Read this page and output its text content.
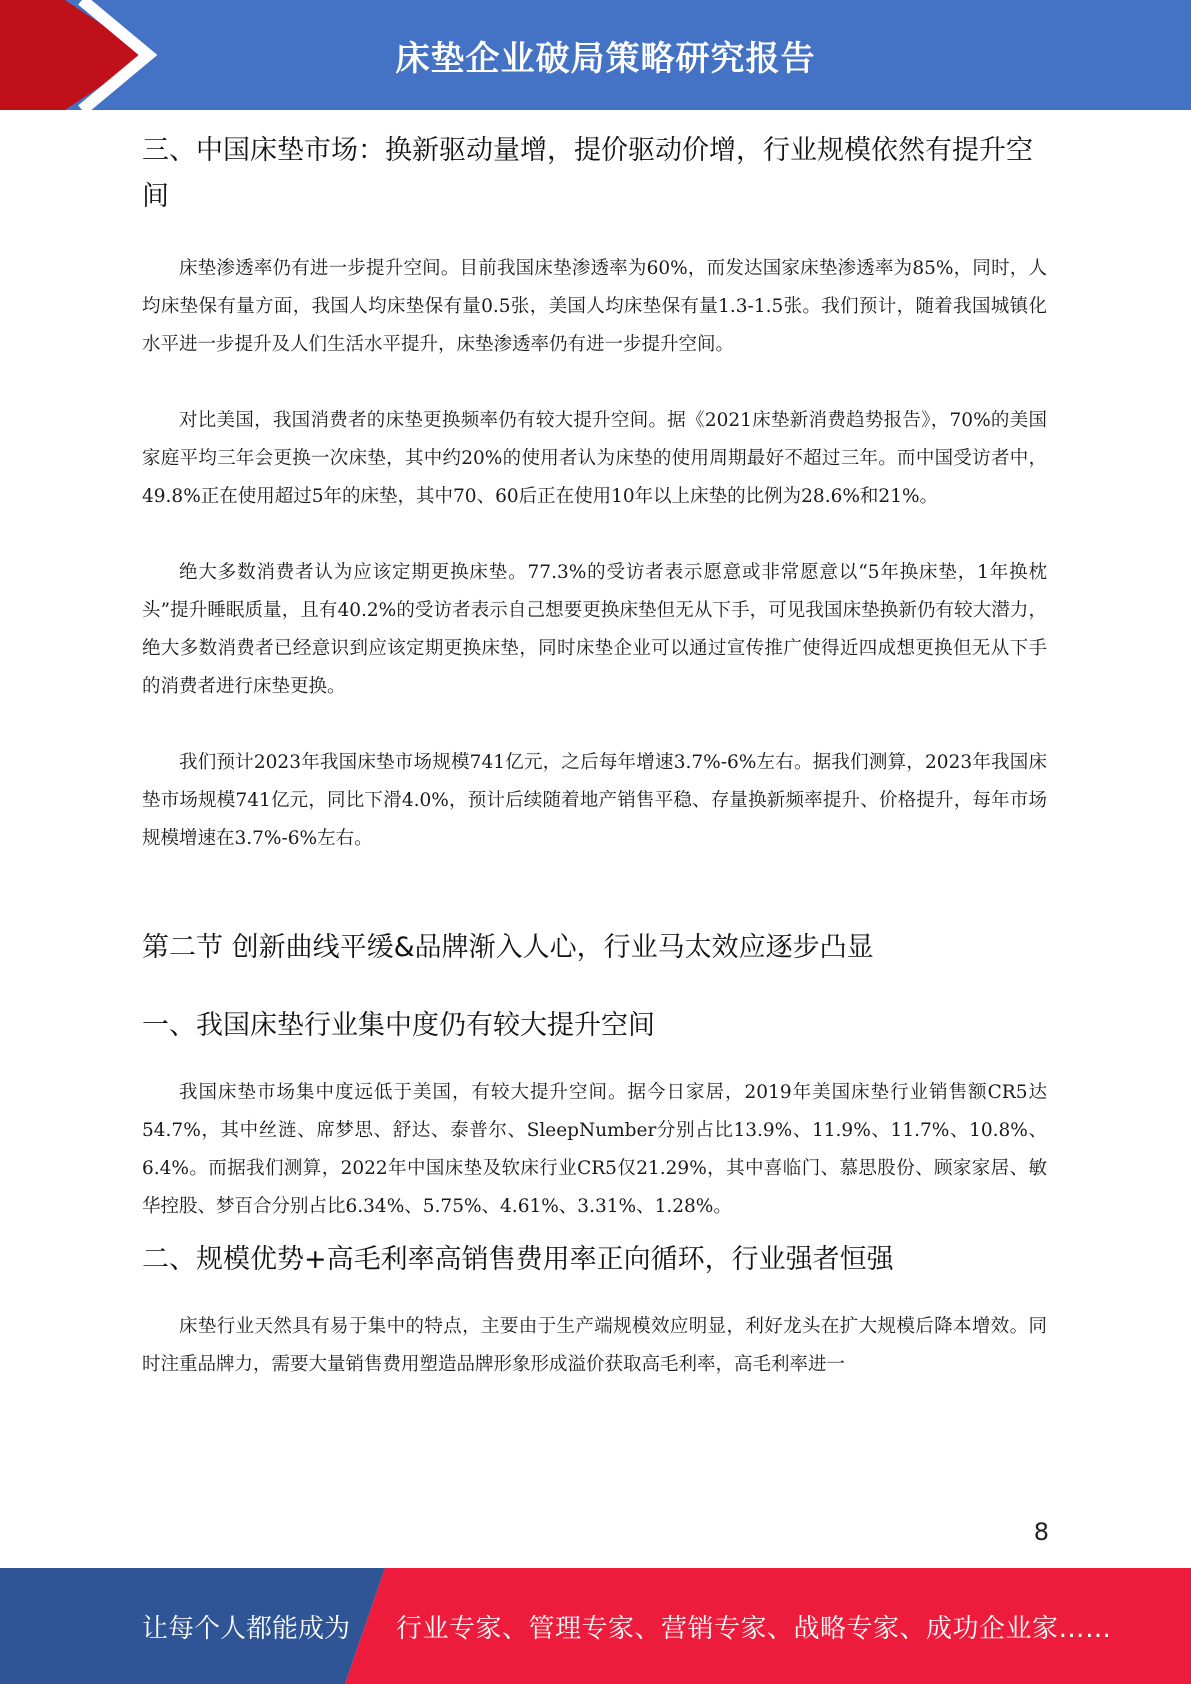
床垫企业破局策略研究报告
三、中国床垫市场：换新驱动量增，提价驱动价增，行业规模依然有提升空间

床垫渗透率仍有进一步提升空间。目前我国床垫渗透率为60%，而发达国家床垫渗透率为85%，同时，人均床垫保有量方面，我国人均床垫保有量0.5张，美国人均床垫保有量1.3-1.5张。我们预计，随着我国城镇化水平进一步提升及人们生活水平提升，床垫渗透率仍有进一步提升空间。

对比美国，我国消费者的床垫更换频率仍有较大提升空间。据《2021床垫新消费趋势报告》，70%的美国家庭平均三年会更换一次床垫，其中约20%的使用者认为床垫的使用周期最好不超过三年。而中国受访者中，49.8%正在使用超过5年的床垫，其中70、60后正在使用10年以上床垫的比例为28.6%和21%。

绝大多数消费者认为应该定期更换床垫。77.3%的受访者表示愿意或非常愿意以“5年换床垫，1年换枕头”提升睡眠质量，且有40.2%的受访者表示自己想要更换床垫但无从下手，可见我国床垫换新仍有较大潜力，绝大多数消费者已经意识到应该定期更换床垫，同时床垫企业可以通过宣传推广使得近四成想更换但无从下手的消费者进行床垫更换。

我们预计2023年我国床垫市场规模741亿元，之后每年增速3.7%-6%左右。据我们测算，2023年我国床垫市场规模741亿元，同比下滑4.0%，预计后续随着地产销售平稳、存量换新频率提升、价格提升，每年市场规模增速在3.7%-6%左右。

第二节 创新曲线平缓&品牌渐入人心，行业马太效应逐步凸显
一、我国床垫行业集中度仍有较大提升空间

我国床垫市场集中度远低于美国，有较大提升空间。据今日家居，2019年美国床垫行业销售额CR5达54.7%，其中丝涟、席梦思、舒达、泰普尔、SleepNumber分别占比13.9%、11.9%、11.7%、10.8%、6.4%。而据我们测算，2022年中国床垫及软床行业CR5仅21.29%，其中喜临门、慕思股份、顾家家居、敏华控股、梦百合分别占比6.34%、5.75%、4.61%、3.31%、1.28%。

二、规模优势+高毛利率高销售费用率正向循环，行业强者恒强

床垫行业天然具有易于集中的特点，主要由于生产端规模效应明显，利好龙头在扩大规模后降本增效。同时注重品牌力，需要大量销售费用塑造品牌形象形成溢价获取高毛利率，高毛利率进一

8
让每个人都能成为 行业专家、管理专家、营销专家、战略专家、成功企业家……
